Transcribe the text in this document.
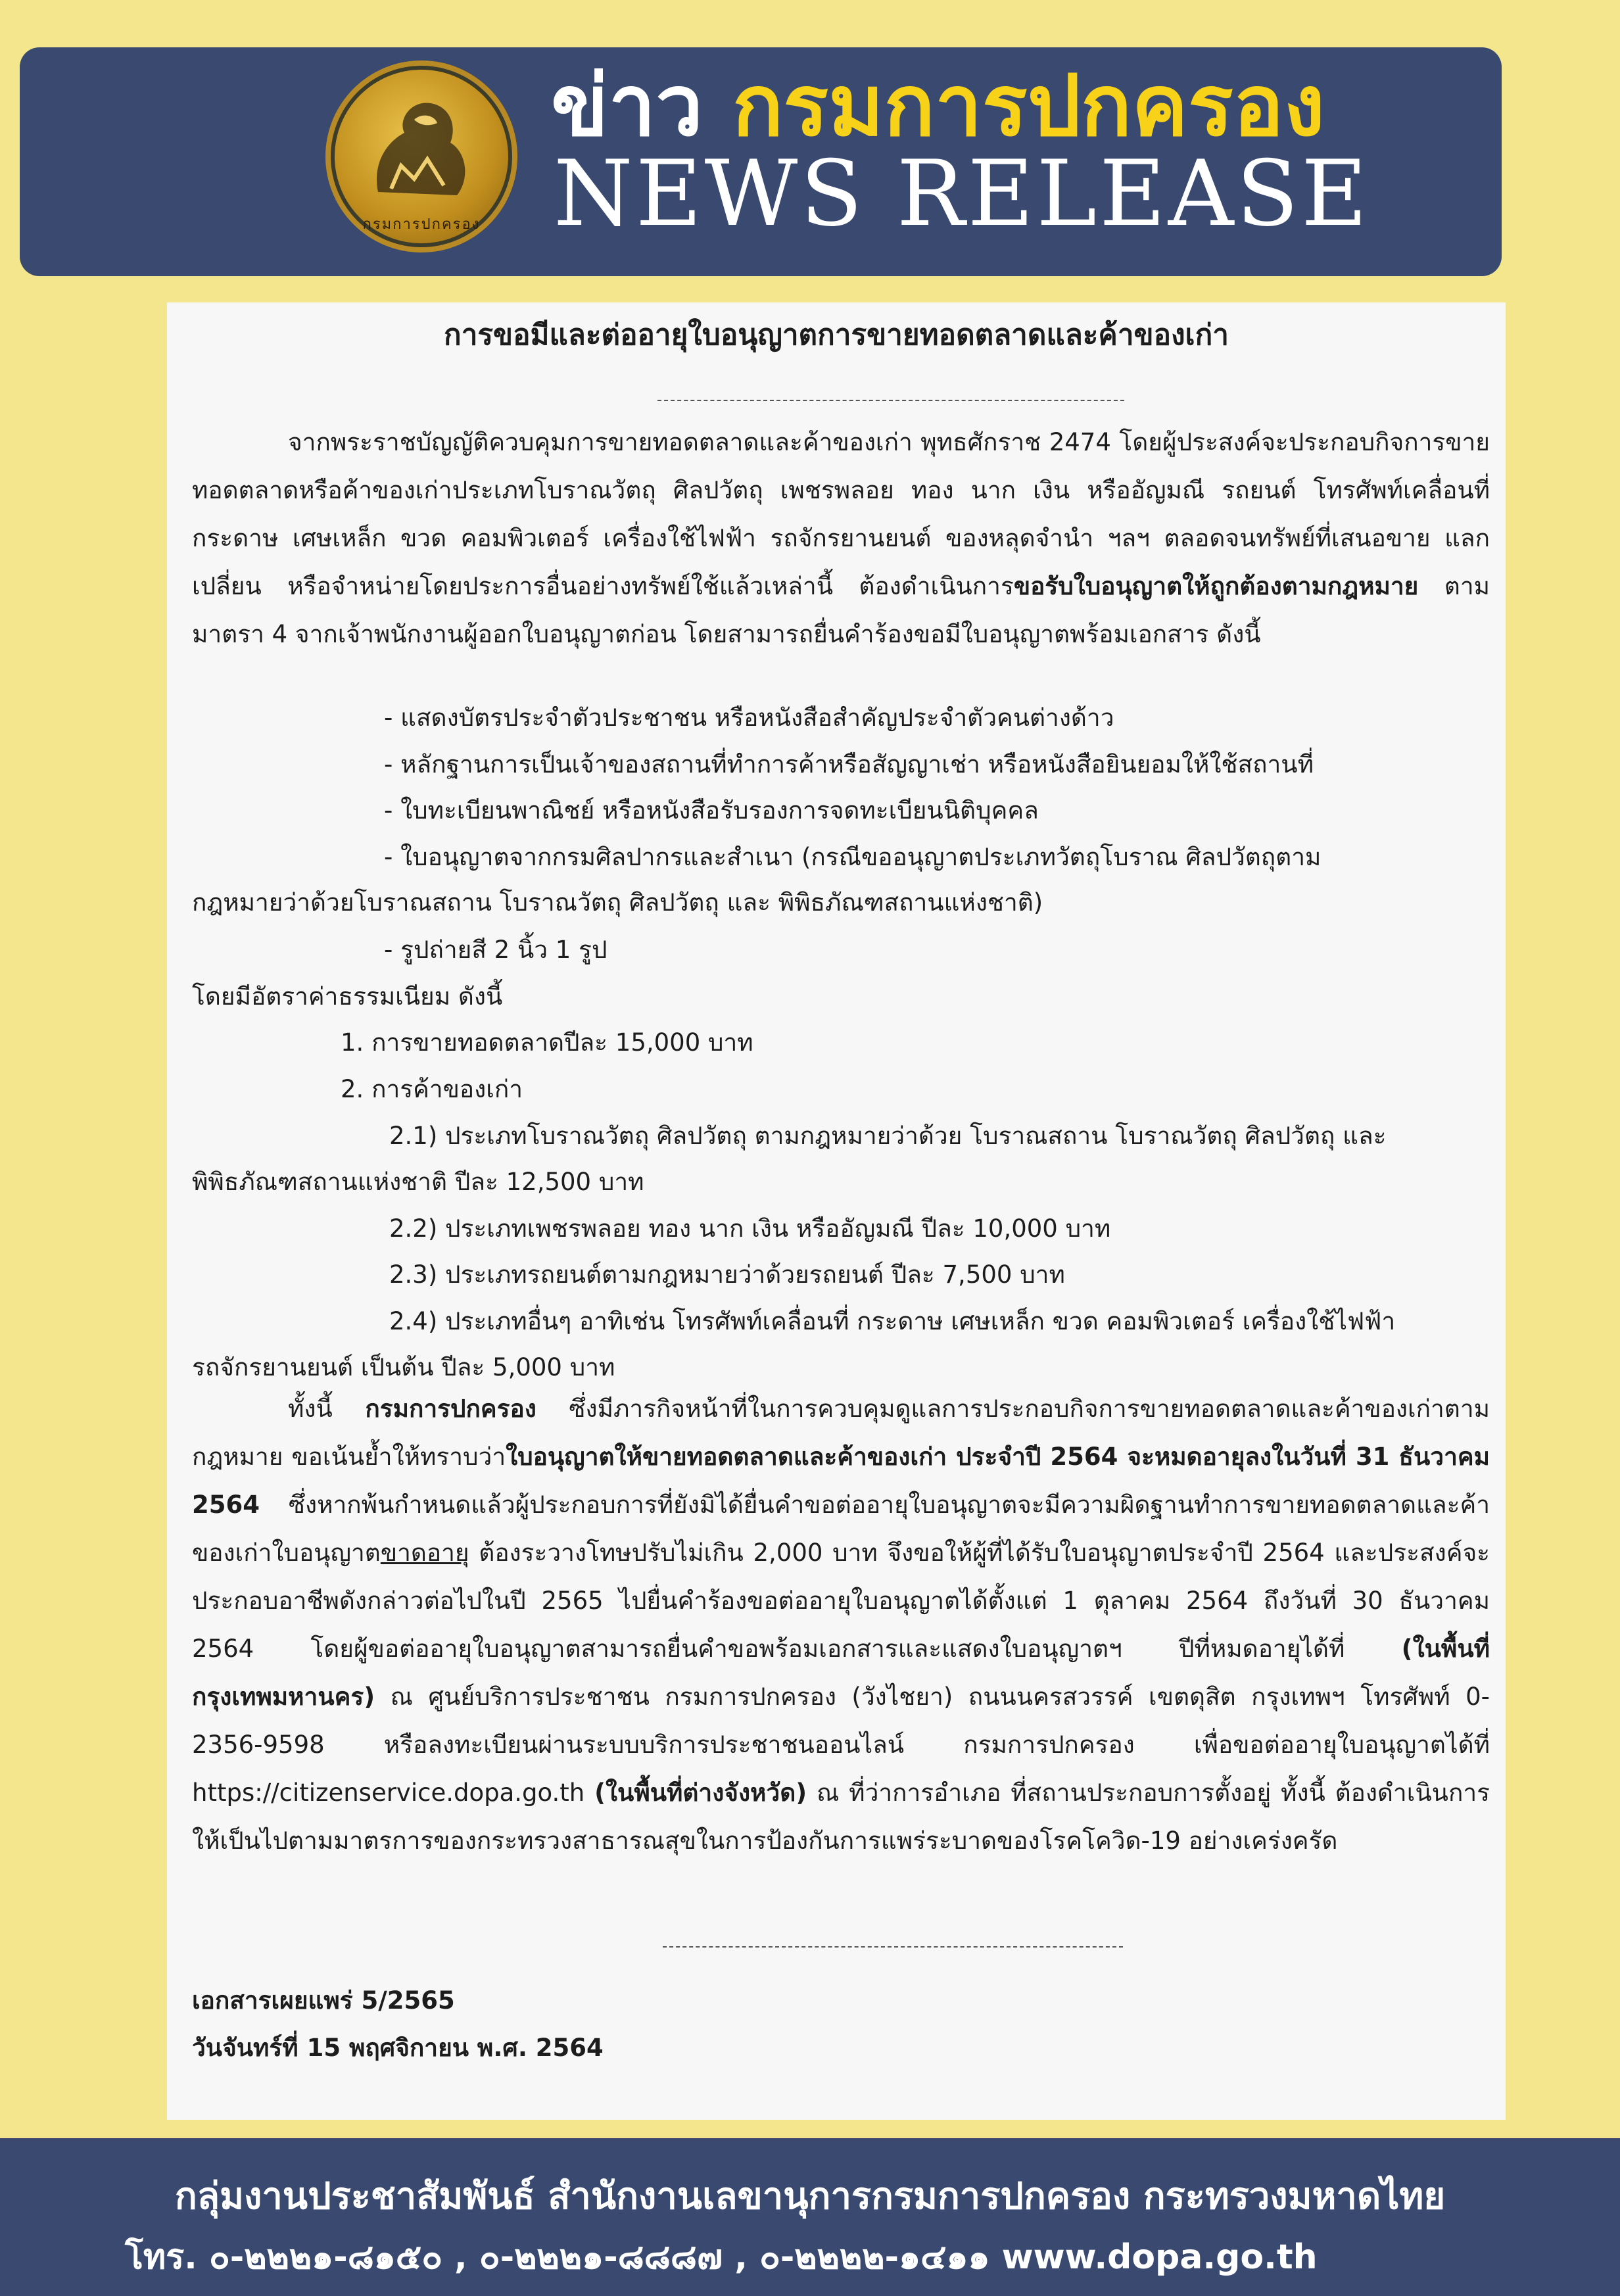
กรมการปกครอง
ข่าว กรมการปกครอง
NEWS RELEASE
การขอมีและต่ออายุใบอนุญาตการขายทอดตลาดและค้าของเก่า

จากพระราชบัญญัติควบคุมการขายทอดตลาดและค้าของเก่า พุทธศักราช 2474 โดยผู้ประสงค์จะประกอบกิจการขายทอดตลาดหรือค้าของเก่าประเภทโบราณวัตถุ ศิลปวัตถุ เพชรพลอย ทอง นาก เงิน หรืออัญมณี รถยนต์ โทรศัพท์เคลื่อนที่กระดาษ เศษเหล็ก ขวด คอมพิวเตอร์ เครื่องใช้ไฟฟ้า รถจักรยานยนต์ ของหลุดจำนำ ฯลฯ ตลอดจนทรัพย์ที่เสนอขาย แลกเปลี่ยน หรือจำหน่ายโดยประการอื่นอย่างทรัพย์ใช้แล้วเหล่านี้ ต้องดำเนินการขอรับใบอนุญาตให้ถูกต้องตามกฎหมาย ตามมาตรา 4 จากเจ้าพนักงานผู้ออกใบอนุญาตก่อน โดยสามารถยื่นคำร้องขอมีใบอนุญาตพร้อมเอกสาร ดังนี้

- แสดงบัตรประจำตัวประชาชน หรือหนังสือสำคัญประจำตัวคนต่างด้าว
- หลักฐานการเป็นเจ้าของสถานที่ทำการค้าหรือสัญญาเช่า หรือหนังสือยินยอมให้ใช้สถานที่
- ใบทะเบียนพาณิชย์ หรือหนังสือรับรองการจดทะเบียนนิติบุคคล
- ใบอนุญาตจากกรมศิลปากรและสำเนา (กรณีขออนุญาตประเภทวัตถุโบราณ ศิลปวัตถุตาม
กฎหมายว่าด้วยโบราณสถาน โบราณวัตถุ ศิลปวัตถุ และ พิพิธภัณฑสถานแห่งชาติ)
- รูปถ่ายสี 2 นิ้ว 1 รูป
โดยมีอัตราค่าธรรมเนียม ดังนี้
1. การขายทอดตลาดปีละ 15,000 บาท
2. การค้าของเก่า
2.1) ประเภทโบราณวัตถุ ศิลปวัตถุ ตามกฎหมายว่าด้วย โบราณสถาน โบราณวัตถุ ศิลปวัตถุ และ
พิพิธภัณฑสถานแห่งชาติ ปีละ 12,500 บาท
2.2) ประเภทเพชรพลอย ทอง นาก เงิน หรืออัญมณี ปีละ 10,000 บาท
2.3) ประเภทรถยนต์ตามกฎหมายว่าด้วยรถยนต์ ปีละ 7,500 บาท
2.4) ประเภทอื่นๆ อาทิเช่น โทรศัพท์เคลื่อนที่ กระดาษ เศษเหล็ก ขวด คอมพิวเตอร์ เครื่องใช้ไฟฟ้า
รถจักรยานยนต์ เป็นต้น ปีละ 5,000 บาท

ทั้งนี้ กรมการปกครอง ซึ่งมีภารกิจหน้าที่ในการควบคุมดูแลการประกอบกิจการขายทอดตลาดและค้าของเก่าตามกฎหมาย ขอเน้นย้ำให้ทราบว่าใบอนุญาตให้ขายทอดตลาดและค้าของเก่า ประจำปี 2564 จะหมดอายุลงในวันที่ 31 ธันวาคม 2564 ซึ่งหากพ้นกำหนดแล้วผู้ประกอบการที่ยังมิได้ยื่นคำขอต่ออายุใบอนุญาตจะมีความผิดฐานทำการขายทอดตลาดและค้าของเก่าใบอนุญาตขาดอายุ ต้องระวางโทษปรับไม่เกิน 2,000 บาท จึงขอให้ผู้ที่ได้รับใบอนุญาตประจำปี 2564 และประสงค์จะประกอบอาชีพดังกล่าวต่อไปในปี 2565 ไปยื่นคำร้องขอต่ออายุใบอนุญาตได้ตั้งแต่ 1 ตุลาคม 2564 ถึงวันที่ 30 ธันวาคม 2564 โดยผู้ขอต่ออายุใบอนุญาตสามารถยื่นคำขอพร้อมเอกสารและแสดงใบอนุญาตฯ ปีที่หมดอายุได้ที่ (ในพื้นที่กรุงเทพมหานคร) ณ ศูนย์บริการประชาชน กรมการปกครอง (วังไชยา) ถนนนครสวรรค์ เขตดุสิต กรุงเทพฯ โทรศัพท์ 0-2356-9598 หรือลงทะเบียนผ่านระบบบริการประชาชนออนไลน์ กรมการปกครอง เพื่อขอต่ออายุใบอนุญาตได้ที่ https://citizenservice.dopa.go.th (ในพื้นที่ต่างจังหวัด) ณ ที่ว่าการอำเภอ ที่สถานประกอบการตั้งอยู่ ทั้งนี้ ต้องดำเนินการให้เป็นไปตามมาตรการของกระทรวงสาธารณสุขในการป้องกันการแพร่ระบาดของโรคโควิด-19 อย่างเคร่งครัด

เอกสารเผยแพร่ 5/2565
วันจันทร์ที่ 15 พฤศจิกายน พ.ศ. 2564
กลุ่มงานประชาสัมพันธ์ สำนักงานเลขานุการกรมการปกครอง กระทรวงมหาดไทย
โทร. ๐-๒๒๒๑-๘๑๕๐ , ๐-๒๒๒๑-๘๘๘๗ , ๐-๒๒๒๒-๑๔๑๑ www.dopa.go.th
